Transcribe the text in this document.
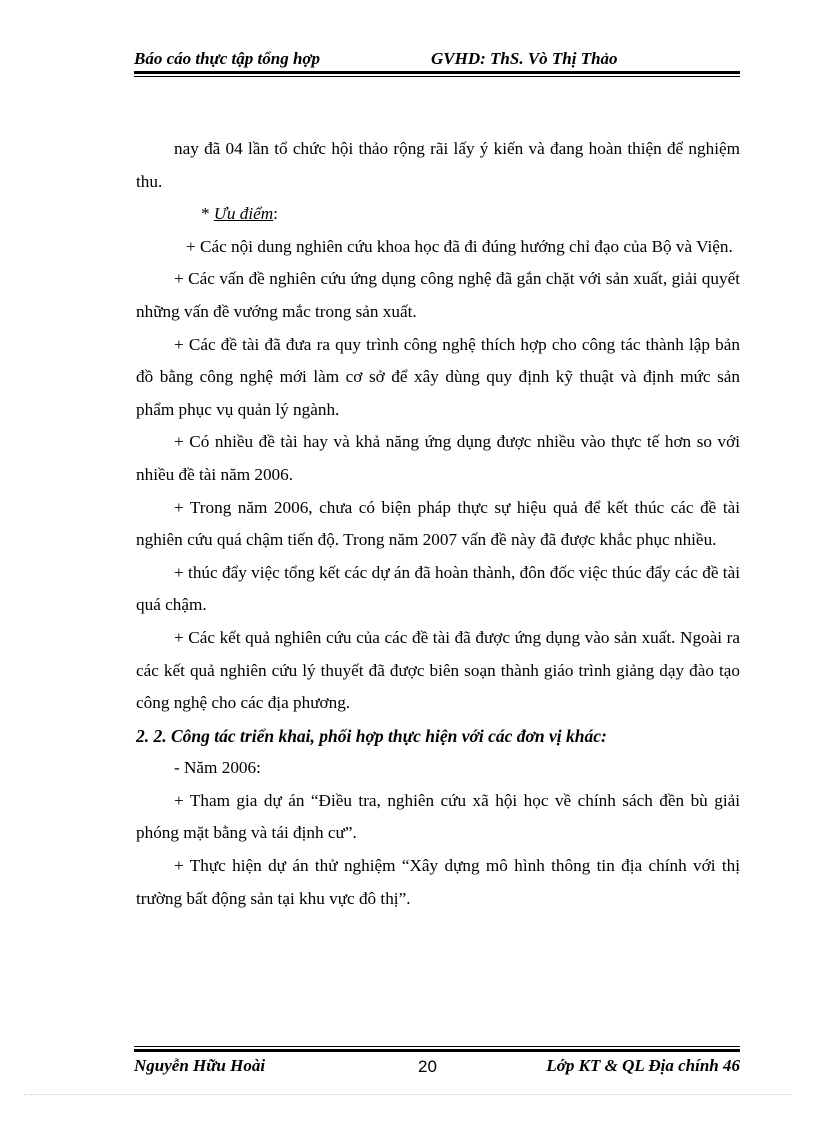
Báo cáo thực tập tổng hợp	GVHD: ThS. Vò Thị Thảo

nay đã 04 lần tổ chức hội thảo rộng rãi lấy ý kiến và đang hoàn thiện để nghiệm thu.

* Ưu điểm:

+ Các nội dung nghiên cứu khoa học đã đi đúng hướng chỉ đạo của Bộ và Viện.

+ Các vấn đề nghiên cứu ứng dụng công nghệ đã gắn chặt với sản xuất, giải quyết những vấn đề vướng mắc trong sản xuất.

+ Các đề tài đã đưa ra quy trình công nghệ thích hợp cho công tác thành lập bản đồ bằng công nghệ mới làm cơ sở để xây dùng quy định kỹ thuật và định mức sản phẩm phục vụ quản lý ngành.

+ Có nhiều đề tài hay và khả năng ứng dụng được nhiều vào thực tế hơn so với nhiều đề tài năm 2006.

+ Trong năm 2006, chưa có biện pháp thực sự hiệu quả để kết thúc các đề tài nghiên cứu quá chậm tiến độ. Trong năm 2007 vấn đề này đã được khắc phục nhiều.

+ thúc đẩy việc tổng kết các dự án đã hoàn thành, đôn đốc việc thúc đẩy các đề tài quá chậm.

+ Các kết quả nghiên cứu của các đề tài đã được ứng dụng vào sản xuất. Ngoài ra các kết quả nghiên cứu lý thuyết đã được biên soạn thành giáo trình giảng dạy đào tạo công nghệ cho các địa phương.

2. 2. Công tác triển khai, phối hợp thực hiện với các đơn vị khác:

- Năm 2006:

+ Tham gia dự án “Điều tra, nghiên cứu xã hội học về chính sách đền bù giải phóng mặt bằng và tái định cư”.

+ Thực hiện dự án thử nghiệm “Xây dựng mô hình thông tin địa chính với thị trường bất động sản tại khu vực đô thị”.

Nguyễn Hữu Hoài	20	Lớp KT & QL Địa chính 46
